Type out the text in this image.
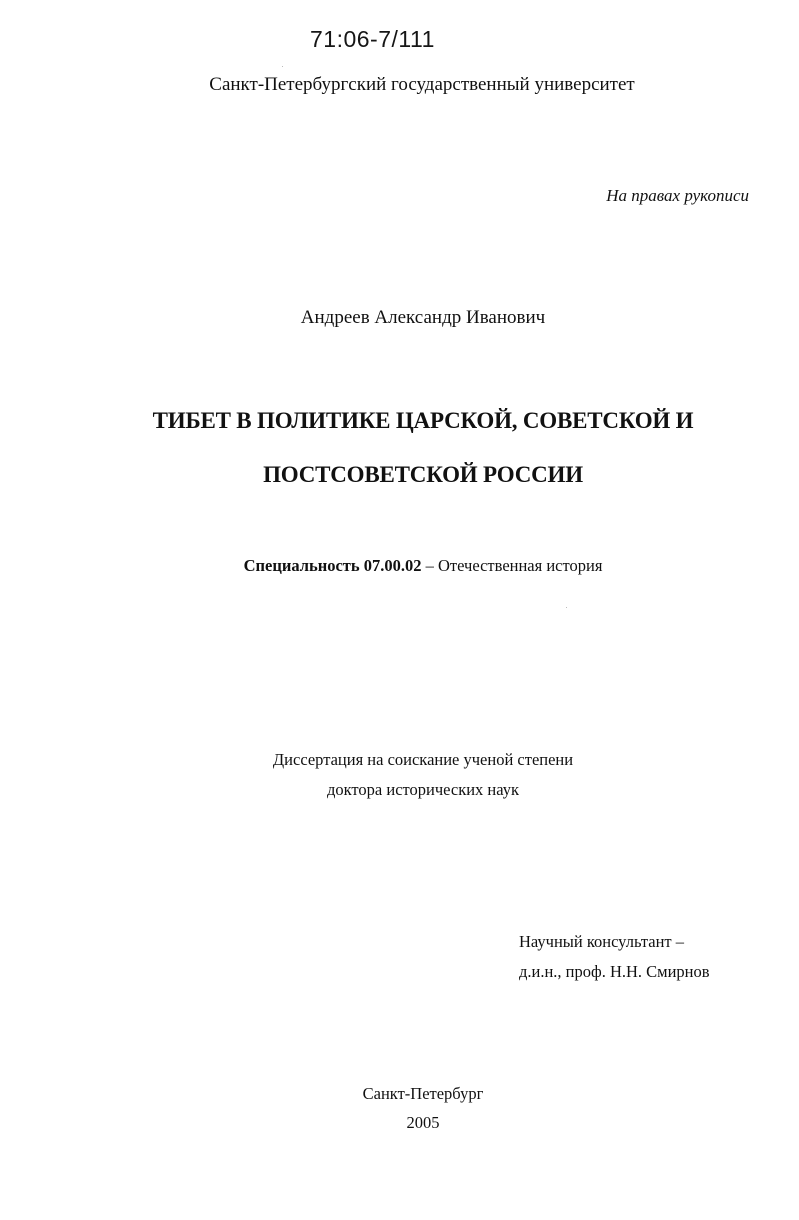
71:06-7/111
Санкт-Петербургский государственный университет
На правах рукописи
Андреев Александр Иванович
ТИБЕТ В ПОЛИТИКЕ ЦАРСКОЙ, СОВЕТСКОЙ И
ПОСТСОВЕТСКОЙ РОССИИ
Специальность 07.00.02 – Отечественная история
Диссертация на соискание ученой степени
доктора исторических наук
Научный консультант –
д.и.н., проф. Н.Н. Смирнов
Санкт-Петербург
2005
